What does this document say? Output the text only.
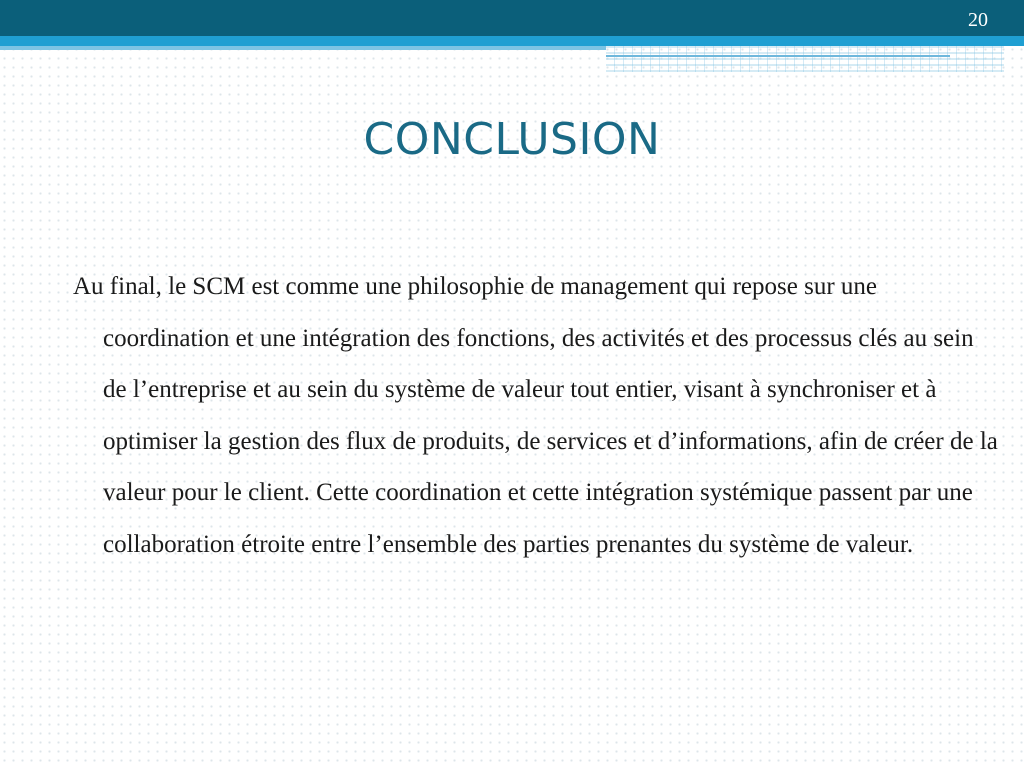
20
CONCLUSION

Au final, le SCM est comme une philosophie de management qui repose sur une coordination et une intégration des fonctions, des activités et des processus clés au sein de l’entreprise et au sein du système de valeur tout entier, visant à synchroniser et à optimiser la gestion des flux de produits, de services et d’informations, afin de créer de la valeur pour le client. Cette coordination et cette intégration systémique passent par une collaboration étroite entre l’ensemble des parties prenantes du système de valeur.
